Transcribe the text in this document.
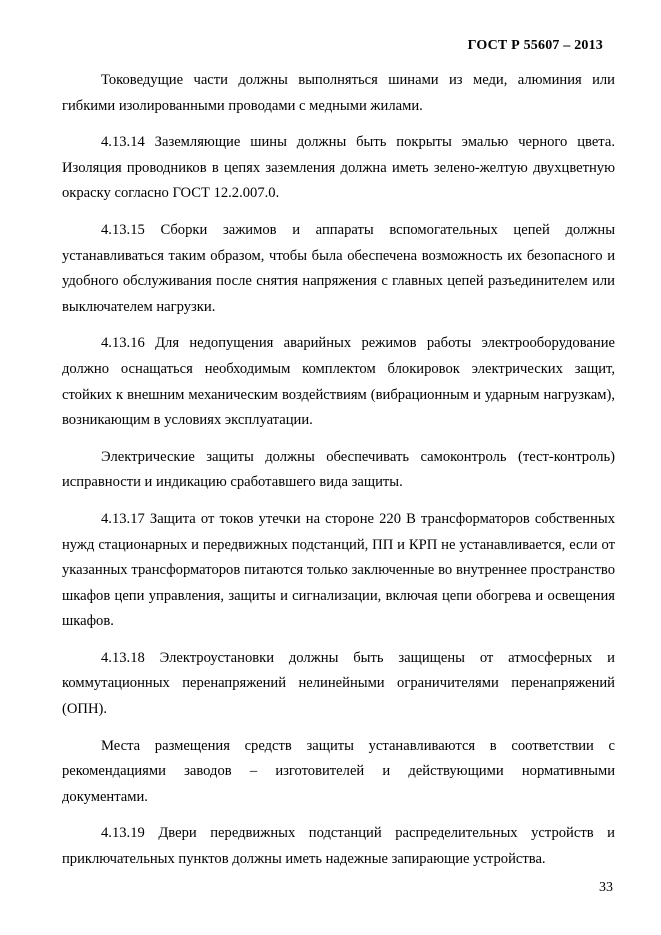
ГОСТ Р 55607 – 2013

Токоведущие части должны выполняться шинами из меди, алюминия или гибкими изолированными проводами с медными жилами.

4.13.14 Заземляющие шины должны быть покрыты эмалью черного цвета. Изоляция проводников в цепях заземления должна иметь зелено-желтую двухцветную окраску согласно ГОСТ 12.2.007.0.

4.13.15 Сборки зажимов и аппараты вспомогательных цепей должны устанавливаться таким образом, чтобы была обеспечена возможность их безопасного и удобного обслуживания после снятия напряжения с главных цепей разъединителем или выключателем нагрузки.

4.13.16 Для недопущения аварийных режимов работы электрооборудование должно оснащаться необходимым комплектом блокировок электрических защит, стойких к внешним механическим воздействиям (вибрационным и ударным нагрузкам), возникающим в условиях эксплуатации.

Электрические защиты должны обеспечивать самоконтроль (тест-контроль) исправности и индикацию сработавшего вида защиты.

4.13.17 Защита от токов утечки на стороне 220 В трансформаторов собственных нужд стационарных и передвижных подстанций, ПП и КРП не устанавливается, если от указанных трансформаторов питаются только заключенные во внутреннее пространство шкафов цепи управления, защиты и сигнализации, включая цепи обогрева и освещения шкафов.

4.13.18 Электроустановки должны быть защищены от атмосферных и коммутационных перенапряжений нелинейными ограничителями перенапряжений (ОПН).

Места размещения средств защиты устанавливаются в соответствии с рекомендациями заводов – изготовителей и действующими нормативными документами.

4.13.19 Двери передвижных подстанций распределительных устройств и приключательных пунктов должны иметь надежные запирающие устройства.

33
